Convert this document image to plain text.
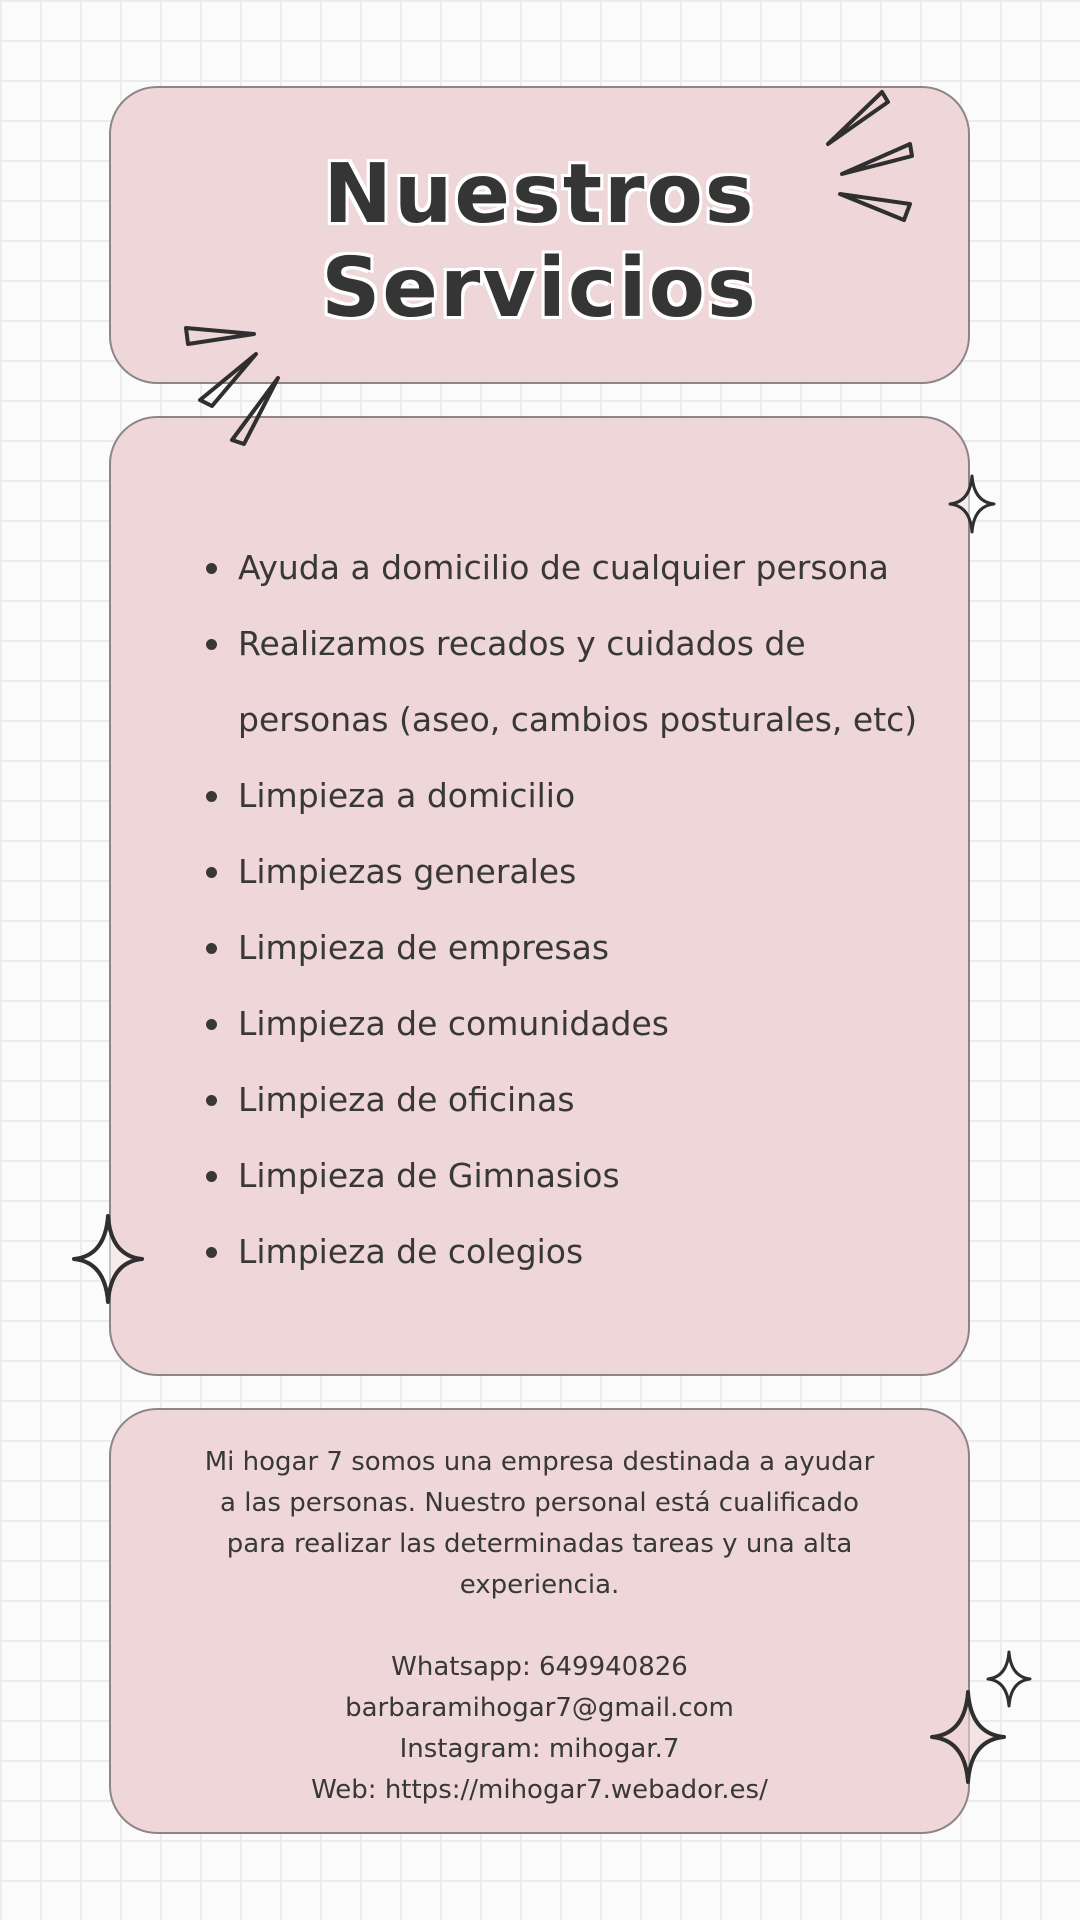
Nuestros
Servicios
Ayuda a domicilio de cualquier persona
Realizamos recados y cuidados de
personas (aseo, cambios posturales, etc)
Limpieza a domicilio
Limpiezas generales
Limpieza de empresas
Limpieza de comunidades
Limpieza de oficinas
Limpieza de Gimnasios
Limpieza de colegios

Mi hogar 7 somos una empresa destinada a ayudar
a las personas. Nuestro personal está cualificado
para realizar las determinadas tareas y una alta
experiencia.

Whatsapp: 649940826
barbaramihogar7@gmail.com
Instagram: mihogar.7
Web: https://mihogar7.webador.es/
